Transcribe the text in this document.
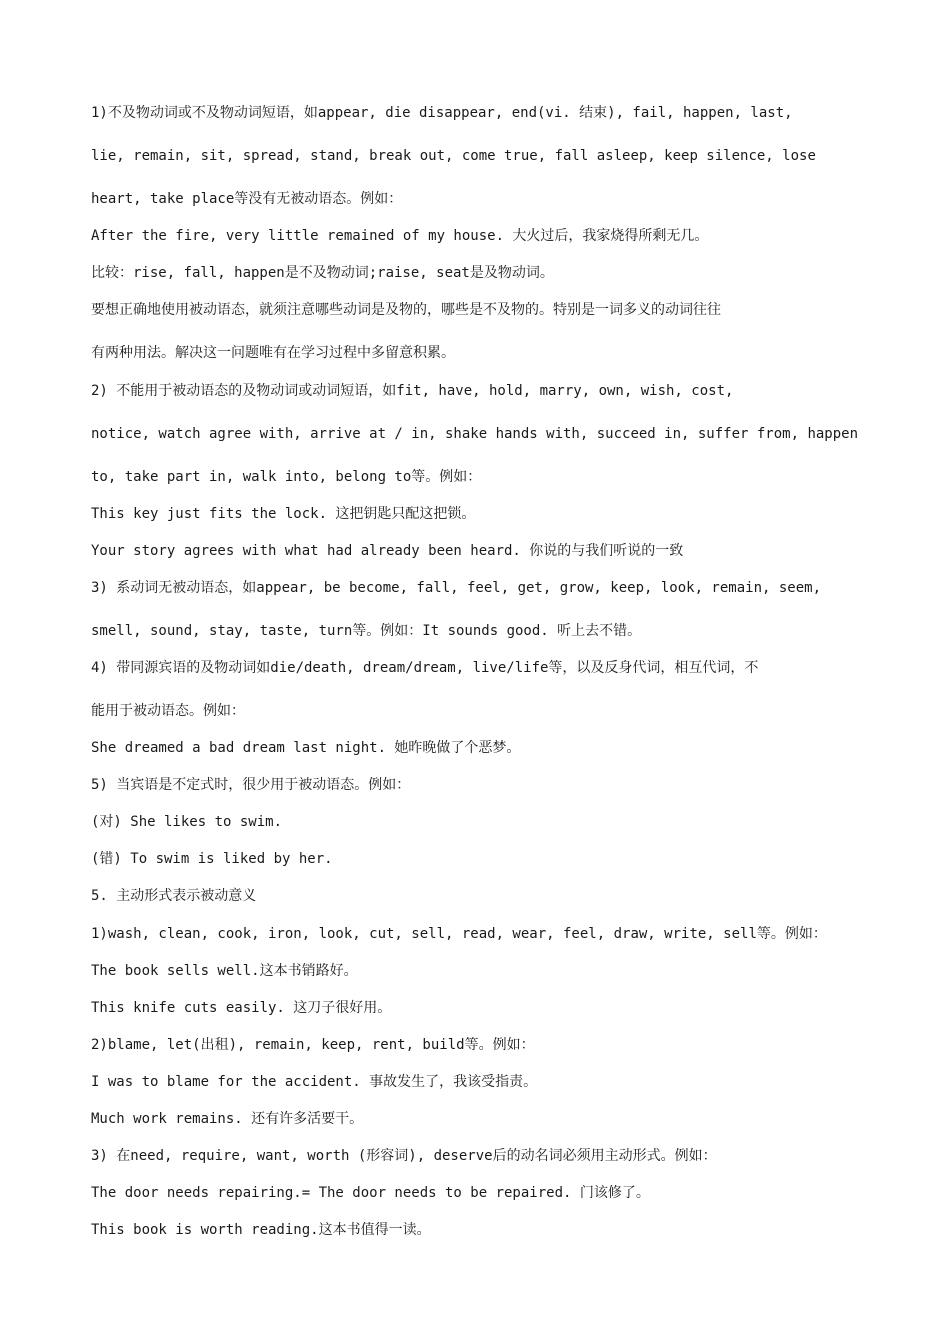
1)不及物动词或不及物动词短语，如appear, die disappear, end(vi. 结束), fail, happen, last,
lie, remain, sit, spread, stand, break out, come true, fall asleep, keep silence, lose
heart, take place等没有无被动语态。例如：
After the fire, very little remained of my house. 大火过后，我家烧得所剩无几。
比较：rise, fall, happen是不及物动词;raise, seat是及物动词。
要想正确地使用被动语态，就须注意哪些动词是及物的，哪些是不及物的。特别是一词多义的动词往往
有两种用法。解决这一问题唯有在学习过程中多留意积累。
2) 不能用于被动语态的及物动词或动词短语，如fit, have, hold, marry, own, wish, cost,
notice, watch agree with, arrive at / in, shake hands with, succeed in, suffer from, happen
to, take part in, walk into, belong to等。例如：
This key just fits the lock. 这把钥匙只配这把锁。
Your story agrees with what had already been heard. 你说的与我们听说的一致
3) 系动词无被动语态，如appear, be become, fall, feel, get, grow, keep, look, remain, seem,
smell, sound, stay, taste, turn等。例如：It sounds good. 听上去不错。
4) 带同源宾语的及物动词如die/death, dream/dream, live/life等，以及反身代词，相互代词，不
能用于被动语态。例如：
She dreamed a bad dream last night. 她昨晚做了个恶梦。
5) 当宾语是不定式时，很少用于被动语态。例如：
(对) She likes to swim.
(错) To swim is liked by her.
5. 主动形式表示被动意义
1)wash, clean, cook, iron, look, cut, sell, read, wear, feel, draw, write, sell等。例如：
The book sells well.这本书销路好。
This knife cuts easily. 这刀子很好用。
2)blame, let(出租), remain, keep, rent, build等。例如：
I was to blame for the accident. 事故发生了，我该受指责。
Much work remains. 还有许多活要干。
3) 在need, require, want, worth (形容词), deserve后的动名词必须用主动形式。例如：
The door needs repairing.= The door needs to be repaired. 门该修了。
This book is worth reading.这本书值得一读。
